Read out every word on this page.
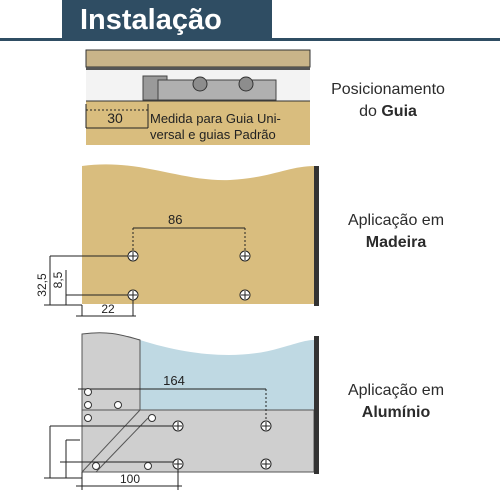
Instalação
30 Medida para Guia Uni-
versal e guias Padrão
86
32,5 8,5
22
164
100
Posicionamento
do Guia
Aplicação em
Madeira
Aplicação em
Alumínio
